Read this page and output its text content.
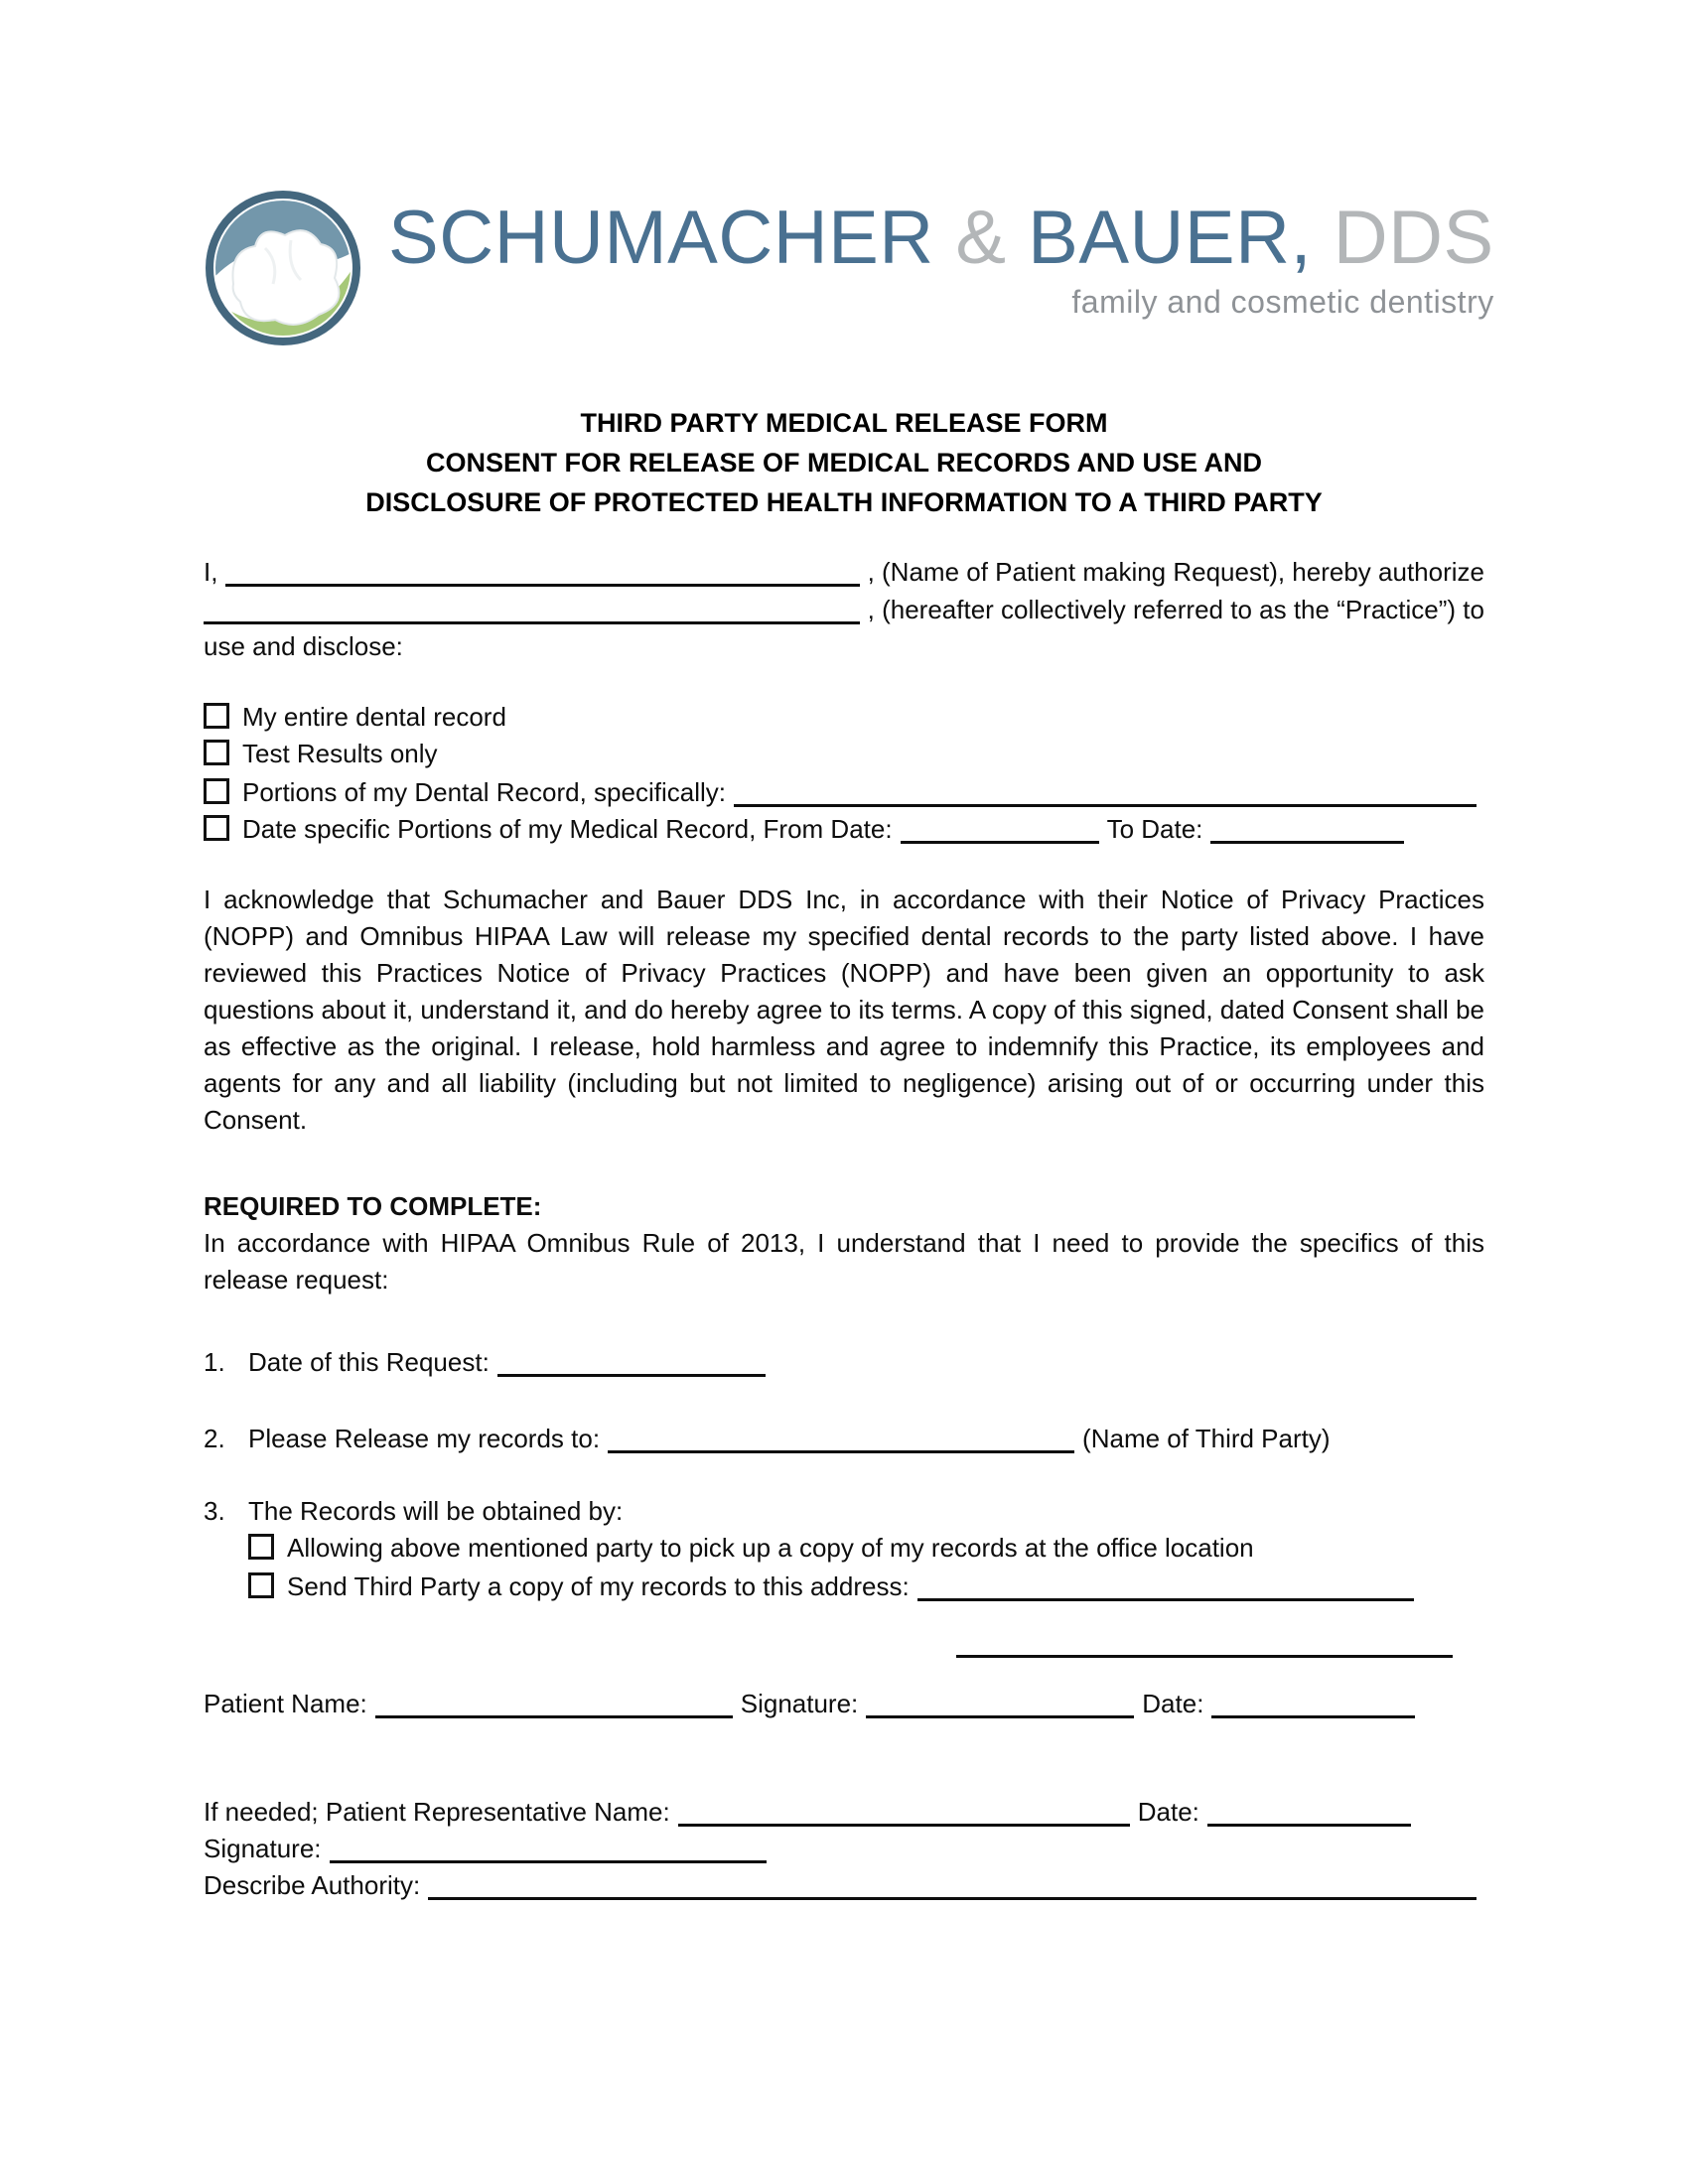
SCHUMACHER & BAUER, DDS
family and cosmetic dentistry
THIRD PARTY MEDICAL RELEASE FORM
CONSENT FOR RELEASE OF MEDICAL RECORDS AND USE AND
DISCLOSURE OF PROTECTED HEALTH INFORMATION TO A THIRD PARTY
I,	, (Name of Patient making Request), hereby authorize
, (hereafter collectively referred to as the “Practice”) to
use and disclose:
My entire dental record
Test Results only
Portions of my Dental Record, specifically:
Date specific Portions of my Medical Record, From Date:	To Date:
I acknowledge that Schumacher and Bauer DDS Inc, in accordance with their Notice of Privacy Practices (NOPP) and Omnibus HIPAA Law will release my specified dental records to the party listed above. I have reviewed this Practices Notice of Privacy Practices (NOPP) and have been given an opportunity to ask questions about it, understand it, and do hereby agree to its terms. A copy of this signed, dated Consent shall be as effective as the original. I release, hold harmless and agree to indemnify this Practice, its employees and agents for any and all liability (including but not limited to negligence) arising out of or occurring under this Consent.
REQUIRED TO COMPLETE:
In accordance with HIPAA Omnibus Rule of 2013, I understand that I need to provide the specifics of this release request:
1. Date of this Request:
2. Please Release my records to:	(Name of Third Party)
3. The Records will be obtained by:
Allowing above mentioned party to pick up a copy of my records at the office location
Send Third Party a copy of my records to this address:
Patient Name:	Signature:	Date:
If needed; Patient Representative Name:	Date:
Signature:
Describe Authority:
